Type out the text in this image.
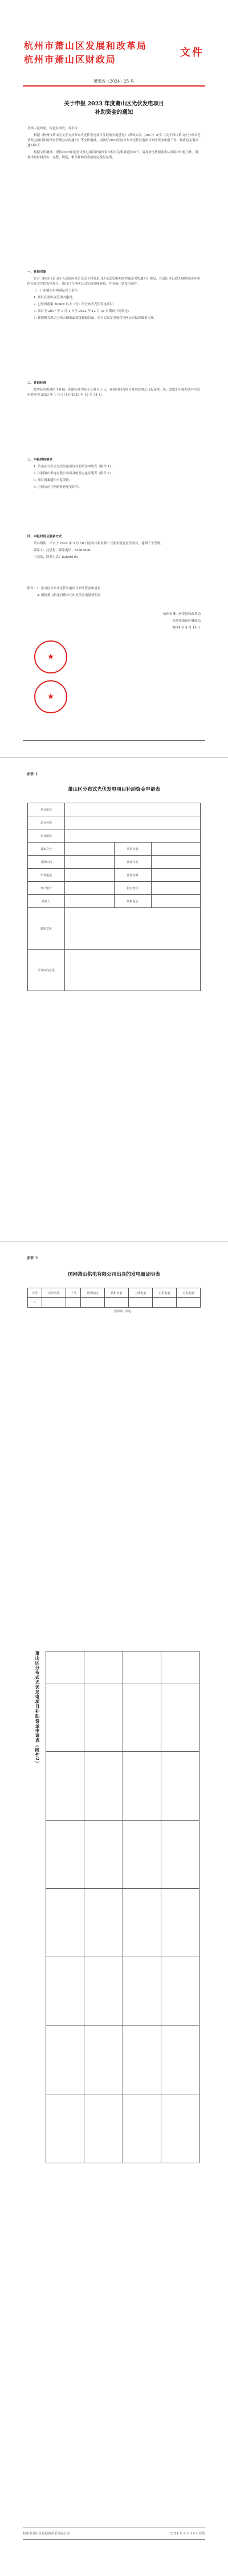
杭州市萧山区发展和改革局
杭州市萧山区财政局
文件
萧发改〔2024〕25 号
关于申报 2023 年度萧山区光伏发电项目
补助资金的通知

各镇人民政府、街道办事处，各平台：

根据《杭州市萧山区关于支持分布式光伏发电项目发展的实施意见》（萧政办发〔2017〕5号）《关于修订萧山区分布式光伏发电项目补助资金管理办法的通知》等文件精神，为做好2023年度分布式光伏发电项目补助资金申报工作，现将有关事项通知如下：

根据文件精神，现将2023年度光伏发电项目补助资金申报有关事项通知如下，请各单位按照要求认真组织申报工作，确保申报材料真实、完整、规范，相关补助资金按规定及时兑现。

一、补助对象

符合《杭州市萧山区人民政府办公室关于印发萧山区光伏发电补助实施意见的通知》规定，在萧山区行政区域内建成并网的分布式光伏发电项目，项目已在电网公司完成并网验收，并具备正常发电条件。

（一）补助项目须满足以下条件：

1. 项目在萧山区范围内建设；

2. 已取得备案 300kw 以上（含）的分布式光伏发电项目；

3. 项目于 2017 年 1 月 1 日至 2023 年 12 月 31 日期间并网发电；

4. 按照相关规定已纳入国家或省级补助目录，项目实际发电量以电网公司结算数据为准。

二、补助标准

按实际发电量给予补助，补助标准为每千瓦时 0.1 元，补助时间为项目并网发电之日起连续三年，2023 年度补助对应发电时间为 2023 年 1 月 1 日至 2023 年 12 月 31 日。

三、申报材料要求

1. 萧山区分布式光伏发电项目补助资金申请表（附件 1）；

2. 国网萧山供电有限公司出具的发电量证明表（附件 2）；

3. 项目备案通知书复印件；

4. 电网公司并网验收意见复印件。

四、申报时间及联系方式

请各镇街、平台于 2024 年 5 月 10 日前将申报材料一式两份报送区发改局，逾期不予受理。

联系人：沈思思，联系电话：82865896；

王某某，联系电话：82866195。

附件：1. 萧山区分布式光伏发电项目补助资金申请表

2. 国网萧山供电有限公司出具的发电量证明表

杭州市萧山区发展和改革局

杭州市萧山区财政局

2024 年 4 月 19 日

★
★
附件 1
萧山区分布式光伏发电项目补助资金申请表
项目单位			
项目名称			
项目地址			
备案文号		装机容量	
并网时间		补助年度	
年发电量		补助金额	
开户银行		银行账号	
联系人		联系电话	
镇街意见			
区发改局意见			
附件 2
国网萧山供电有限公司出具的发电量证明表
序号	项目名称	户号	并网时间	装机容量	上网电量	自用电量	总发电量
1							
国网萧山供电
萧山区分布式光伏发电项目补助资金申请表（附件2）

杭州市萧山区发展和改革局办公室	2024 年 4 月 19 日印发
